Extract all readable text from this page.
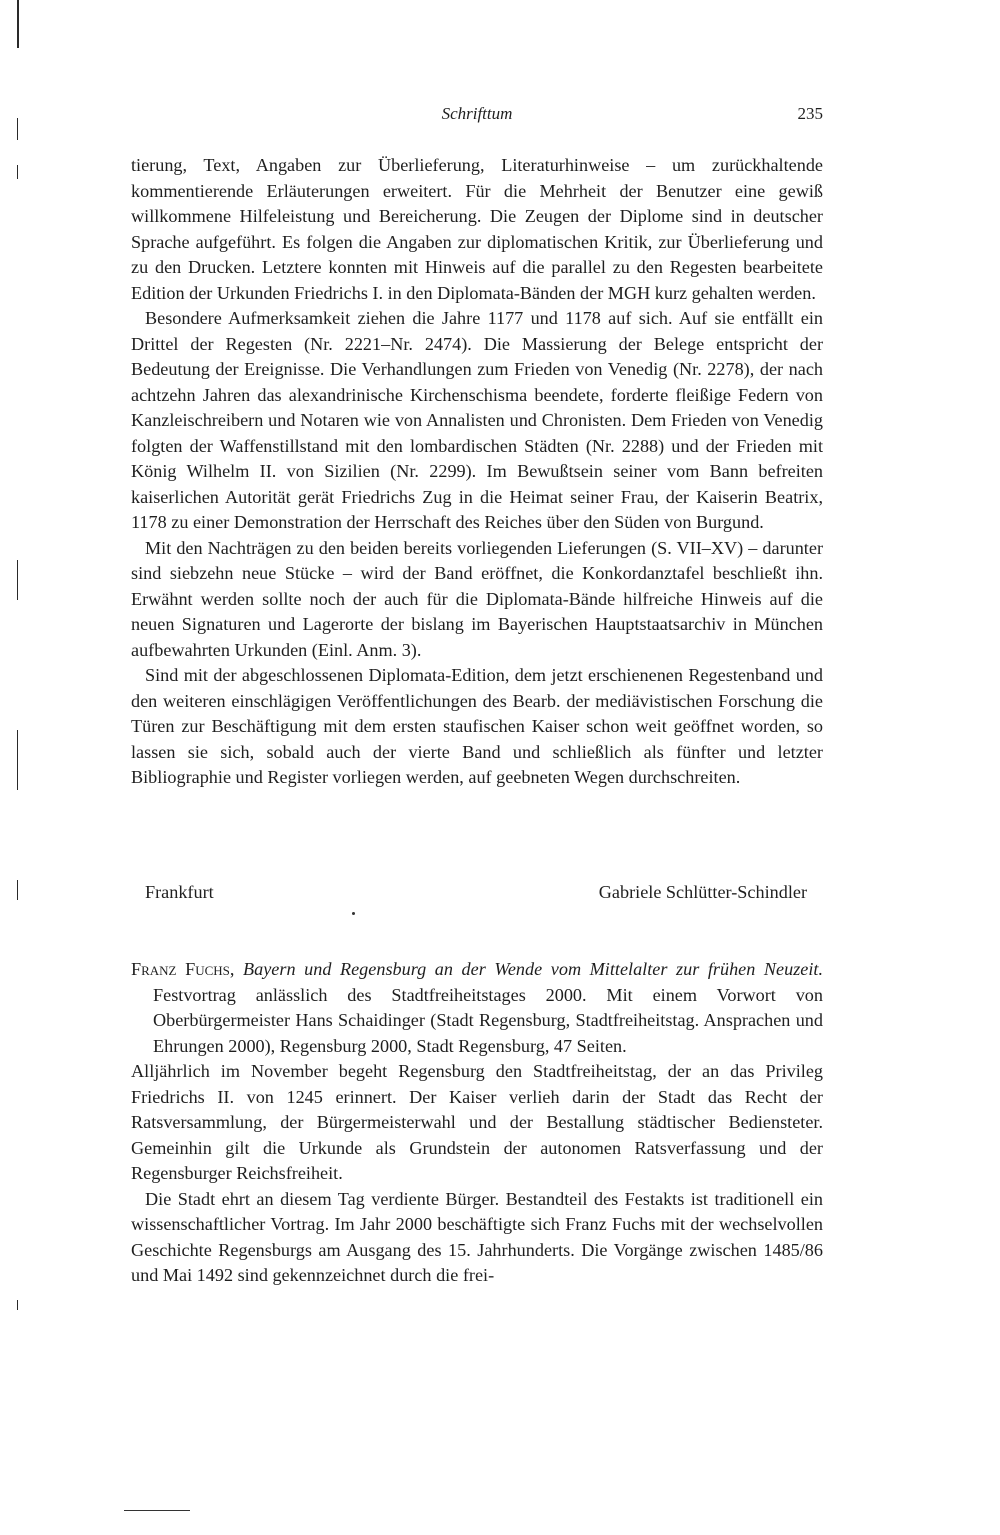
Schrifttum	235

tierung, Text, Angaben zur Überlieferung, Literaturhinweise – um zurückhaltende kommentierende Erläuterungen erweitert. Für die Mehrheit der Benutzer eine gewiß willkommene Hilfeleistung und Bereicherung. Die Zeugen der Diplome sind in deutscher Sprache aufgeführt. Es folgen die Angaben zur diplomatischen Kritik, zur Überlieferung und zu den Drucken. Letztere konnten mit Hinweis auf die parallel zu den Regesten bearbeitete Edition der Urkunden Friedrichs I. in den Diplomata-Bänden der MGH kurz gehalten werden.

Besondere Aufmerksamkeit ziehen die Jahre 1177 und 1178 auf sich. Auf sie entfällt ein Drittel der Regesten (Nr. 2221–Nr. 2474). Die Massierung der Belege entspricht der Bedeutung der Ereignisse. Die Verhandlungen zum Frieden von Venedig (Nr. 2278), der nach achtzehn Jahren das alexandrinische Kirchenschisma beendete, forderte fleißige Federn von Kanzleischreibern und Notaren wie von Annalisten und Chronisten. Dem Frieden von Venedig folgten der Waffenstillstand mit den lombardischen Städten (Nr. 2288) und der Frieden mit König Wilhelm II. von Sizilien (Nr. 2299). Im Bewußtsein seiner vom Bann befreiten kaiserlichen Autorität gerät Friedrichs Zug in die Heimat seiner Frau, der Kaiserin Beatrix, 1178 zu einer Demonstration der Herrschaft des Reiches über den Süden von Burgund.

Mit den Nachträgen zu den beiden bereits vorliegenden Lieferungen (S. VII–XV) – darunter sind siebzehn neue Stücke – wird der Band eröffnet, die Konkordanztafel beschließt ihn. Erwähnt werden sollte noch der auch für die Diplomata-Bände hilfreiche Hinweis auf die neuen Signaturen und Lagerorte der bislang im Bayerischen Hauptstaatsarchiv in München aufbewahrten Urkunden (Einl. Anm. 3).

Sind mit der abgeschlossenen Diplomata-Edition, dem jetzt erschienenen Regestenband und den weiteren einschlägigen Veröffentlichungen des Bearb. der mediävistischen Forschung die Türen zur Beschäftigung mit dem ersten staufischen Kaiser schon weit geöffnet worden, so lassen sie sich, sobald auch der vierte Band und schließlich als fünfter und letzter Bibliographie und Register vorliegen werden, auf geebneten Wegen durchschreiten.

Frankfurt	Gabriele Schlütter-Schindler

Franz Fuchs, Bayern und Regensburg an der Wende vom Mittelalter zur frühen Neuzeit. Festvortrag anlässlich des Stadtfreiheitstages 2000. Mit einem Vorwort von Oberbürgermeister Hans Schaidinger (Stadt Regensburg, Stadtfreiheitstag. Ansprachen und Ehrungen 2000), Regensburg 2000, Stadt Regensburg, 47 Seiten.

Alljährlich im November begeht Regensburg den Stadtfreiheitstag, der an das Privileg Friedrichs II. von 1245 erinnert. Der Kaiser verlieh darin der Stadt das Recht der Ratsversammlung, der Bürgermeisterwahl und der Bestallung städtischer Bediensteter. Gemeinhin gilt die Urkunde als Grundstein der autonomen Ratsverfassung und der Regensburger Reichsfreiheit.

Die Stadt ehrt an diesem Tag verdiente Bürger. Bestandteil des Festakts ist traditionell ein wissenschaftlicher Vortrag. Im Jahr 2000 beschäftigte sich Franz Fuchs mit der wechselvollen Geschichte Regensburgs am Ausgang des 15. Jahrhunderts. Die Vorgänge zwischen 1485/86 und Mai 1492 sind gekennzeichnet durch die frei-
